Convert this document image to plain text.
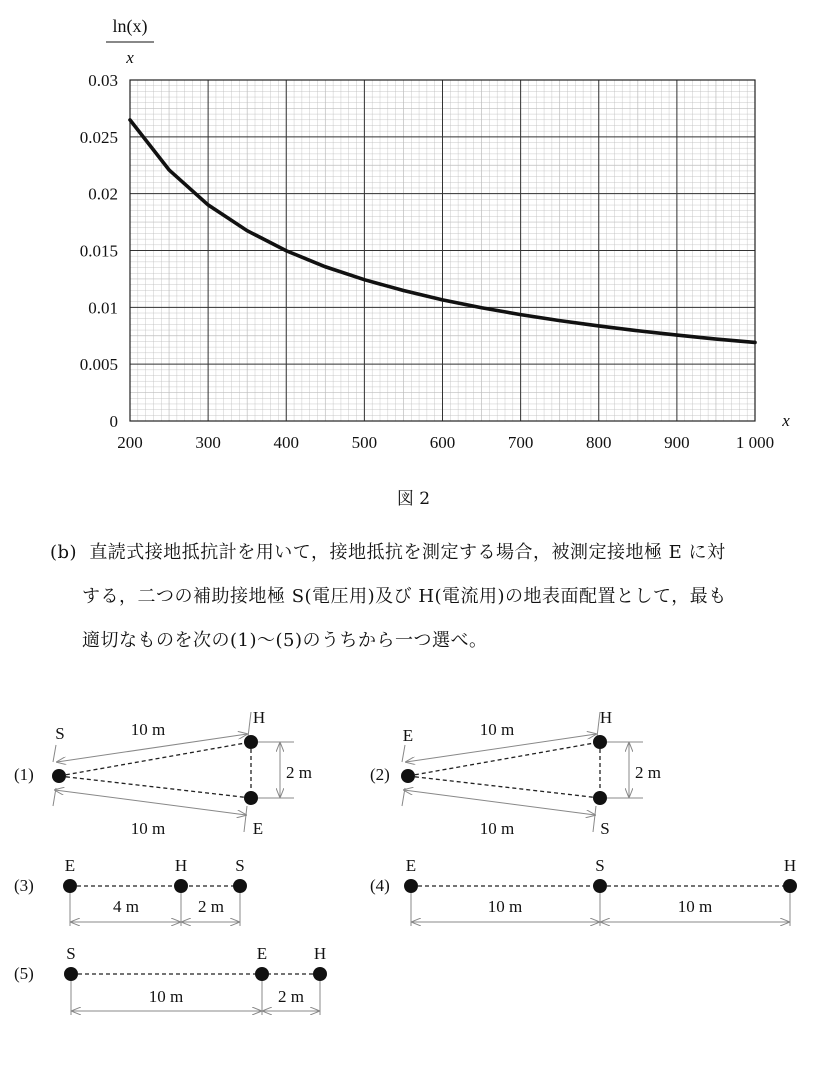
0
0.005
0.01
0.015
0.02
0.025
0.03
200	300	400	500	600	700	800	900	1 000
ln(x)
x
x
図 2
(b) 直読式接地抵抗計を用いて，接地抵抗を測定する場合，被測定接地極 E に対
する，二つの補助接地極 S(電圧用)及び H(電流用)の地表面配置として，最も
適切なものを次の(1)〜(5)のうちから一つ選べ。
(1)
10 m
10 m
2 m
S
H
E
(2)
10 m
10 m
2 m
E
H
S
(3)
4 m	2 m
E	H	S
(4)
10 m	10 m
E	S	H
(5)
10 m	2 m
S	E	H
